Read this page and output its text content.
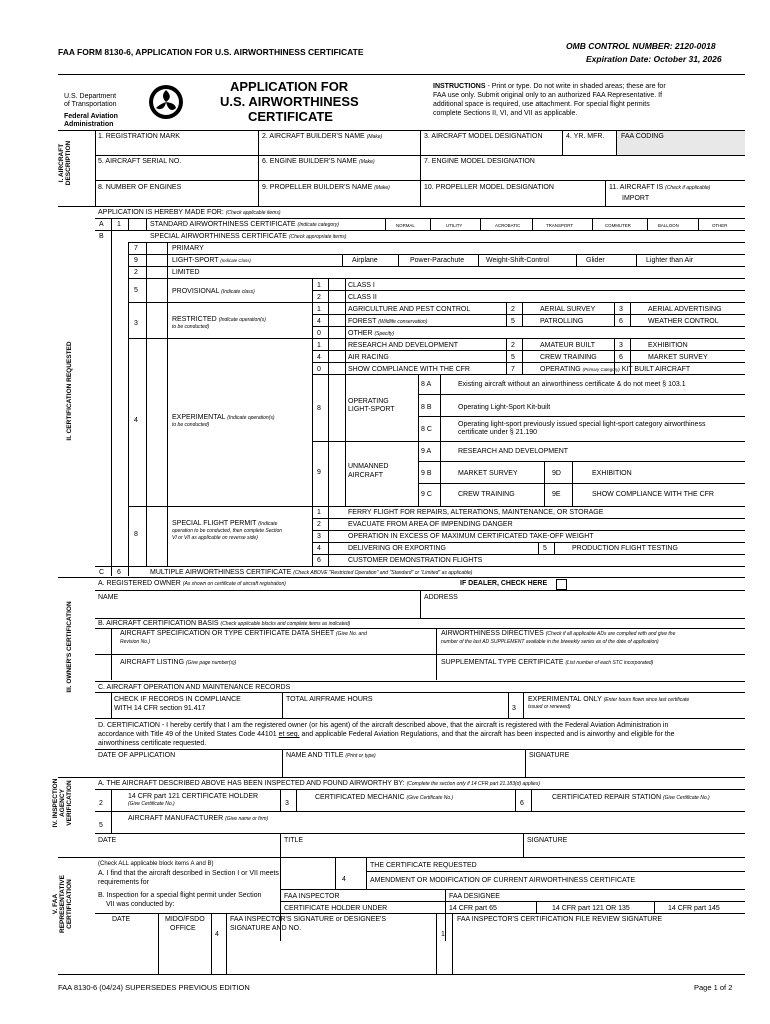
FAA FORM 8130-6, APPLICATION FOR U.S. AIRWORTHINESS CERTIFICATE
OMB CONTROL NUMBER: 2120-0018
Expiration Date: October 31, 2026
U.S. Department
of Transportation
Federal Aviation
Administration
APPLICATION FOR
U.S. AIRWORTHINESS
CERTIFICATE
INSTRUCTIONS - Print or type. Do not write in shaded areas; these are for
FAA use only. Submit original only to an authorized FAA Representative. If
additional space is required, use attachment. For special flight permits
complete Sections II, VI, and VII as applicable.
I. AIRCRAFT
DESCRIPTION
II. CERTIFICATION REQUESTED
III. OWNER'S CERTIFICATION
IV. INSPECTION
AGENCY
VERIFICATION
V. FAA
REPRESENTATIVE
CERTIFICATION
1. REGISTRATION MARK	2. AIRCRAFT BUILDER'S NAME (Make)	3. AIRCRAFT MODEL DESIGNATION	4. YR. MFR. FAA CODING
5. AIRCRAFT SERIAL NO.	6. ENGINE BUILDER'S NAME (Make)	7. ENGINE MODEL DESIGNATION
8. NUMBER OF ENGINES	9. PROPELLER BUILDER'S NAME (Make)	10. PROPELLER MODEL DESIGNATION	11. AIRCRAFT IS (Check if applicable)
IMPORT
APPLICATION IS HEREBY MADE FOR: (Check applicable items)
A 1	STANDARD AIRWORTHINESS CERTIFICATE (Indicate category)	NORMAL	UTILITY	ACROBATIC	TRANSPORT	COMMUTER	BALLOON	OTHER
B	SPECIAL AIRWORTHINESS CERTIFICATE (Check appropriate items)
7	PRIMARY
9	LIGHT-SPORT (Indicate Class)	Airplane	Power-Parachute	Weight-Shift-Control	Glider	Lighter than Air
2	LIMITED
5	PROVISIONAL (Indicate class)
1	CLASS I
2	CLASS II
3
RESTRICTED (Indicate operation(s)
to be conducted)
1	AGRICULTURE AND PEST CONTROL	2	AERIAL SURVEY	3	AERIAL ADVERTISING
4	FOREST (Wildlife conservation)	5	PATROLLING	6	WEATHER CONTROL
0	OTHER (Specify)
4	EXPERIMENTAL (Indicate operation(s)
to be conducted)
1	RESEARCH AND DEVELOPMENT	2	AMATEUR BUILT	3	EXHIBITION
4	AIR RACING	5	CREW TRAINING	6	MARKET SURVEY
0	SHOW COMPLIANCE WITH THE CFR	7	OPERATING (Primary Category) KIT BUILT AIRCRAFT
8
OPERATING
LIGHT-SPORT
8 A	Existing aircraft without an airworthiness certificate & do not meet § 103.1
8 B	Operating Light-Sport Kit-built
8 C
Operating light-sport previously issued special light-sport category airworthiness
certificate under § 21.190
9
UNMANNED
AIRCRAFT
9 A	RESEARCH AND DEVELOPMENT
9 B	MARKET SURVEY	9D	EXHIBITION
9 C	CREW TRAINING	9E	SHOW COMPLIANCE WITH THE CFR
8
SPECIAL FLIGHT PERMIT (Indicate
operation to be conducted, then complete Section
VI or VII as applicable on reverse side)
1	FERRY FLIGHT FOR REPAIRS, ALTERATIONS, MAINTENANCE, OR STORAGE
2	EVACUATE FROM AREA OF IMPENDING DANGER
3	OPERATION IN EXCESS OF MAXIMUM CERTIFICATED TAKE-OFF WEIGHT
4	DELIVERING OR EXPORTING	5	PRODUCTION FLIGHT TESTING
6	CUSTOMER DEMONSTRATION FLIGHTS
C 6	MULTIPLE AIRWORTHINESS CERTIFICATE (Check ABOVE "Restricted Operation" and "Standard" or "Limited" as applicable)
A. REGISTERED OWNER (As shown on certificate of aircraft registration)	IF DEALER, CHECK HERE
NAME	ADDRESS
B. AIRCRAFT CERTIFICATION BASIS (Check applicable blocks and complete items as indicated)
AIRCRAFT SPECIFICATION OR TYPE CERTIFICATE DATA SHEET (Give No. and
Revision No.)
AIRWORTHINESS DIRECTIVES (Check if all applicable ADs are complied with and give the
number of the last AD SUPPLEMENT available in the biweekly series as of the date of application)
AIRCRAFT LISTING (Give page number(s))	SUPPLEMENTAL TYPE CERTIFICATE (List number of each STC incorporated)
C. AIRCRAFT OPERATION AND MAINTENANCE RECORDS
CHECK IF RECORDS IN COMPLIANCE
WITH 14 CFR section 91.417
TOTAL AIRFRAME HOURS
3
EXPERIMENTAL ONLY (Enter hours flown since last certificate
issued or renewed)
D. CERTIFICATION - I hereby certify that I am the registered owner (or his agent) of the aircraft described above, that the aircraft is registered with the Federal Aviation Administration in
accordance with Title 49 of the United States Code 44101 et seq. and applicable Federal Aviation Regulations, and that the aircraft has been inspected and is airworthy and eligible for the
airworthiness certificate requested.
DATE OF APPLICATION	NAME AND TITLE (Print or type)	SIGNATURE
A. THE AIRCRAFT DESCRIBED ABOVE HAS BEEN INSPECTED AND FOUND AIRWORTHY BY: (Complete the section only if 14 CFR part 21.183(d) applies)
2
14 CFR part 121 CERTIFICATE HOLDER
(Give Certificate No.)	3
CERTIFICATED MECHANIC (Give Certificate No.)
6
CERTIFICATED REPAIR STATION (Give Certificate No.)
5
AIRCRAFT MANUFACTURER (Give name or firm)
DATE	TITLE	SIGNATURE
(Check ALL applicable block items A and B)
A. I find that the aircraft described in Section I or VII meets
requirements for
B. Inspection for a special flight permit under Section
VII was conducted by:
4
THE CERTIFICATE REQUESTED
AMENDMENT OR MODIFICATION OF CURRENT AIRWORTHINESS CERTIFICATE
FAA INSPECTOR	FAA DESIGNEE
CERTIFICATE HOLDER UNDER	14 CFR part 65	14 CFR part 121 OR 135	14 CFR part 145
DATE	MIDO/FSDO
OFFICE
4
FAA INSPECTOR'S SIGNATURE or DESIGNEE'S
SIGNATURE AND NO.
1
FAA INSPECTOR'S CERTIFICATION FILE REVIEW SIGNATURE
FAA 8130-6 (04/24) SUPERSEDES PREVIOUS EDITION	Page 1 of 2
